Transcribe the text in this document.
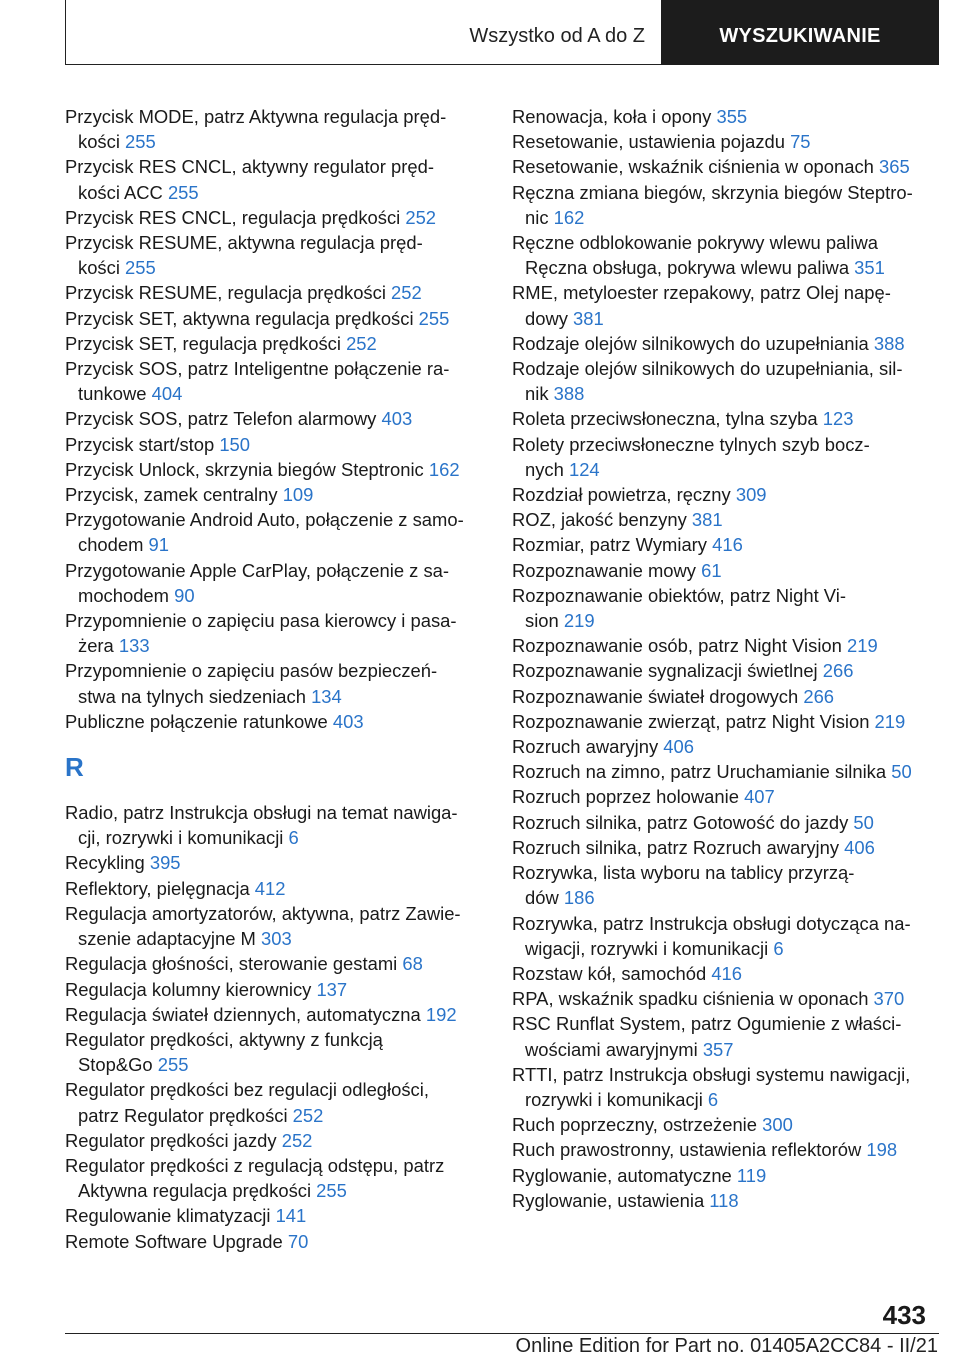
Wszystko od A do Z	WYSZUKIWANIE
Przycisk MODE, patrz Aktywna regulacja pręd-
kości 255
Przycisk RES CNCL, aktywny regulator pręd-
kości ACC 255
Przycisk RES CNCL, regulacja prędkości 252
Przycisk RESUME, aktywna regulacja pręd-
kości 255
Przycisk RESUME, regulacja prędkości 252
Przycisk SET, aktywna regulacja prędkości 255
Przycisk SET, regulacja prędkości 252
Przycisk SOS, patrz Inteligentne połączenie ra-
tunkowe 404
Przycisk SOS, patrz Telefon alarmowy 403
Przycisk start/stop 150
Przycisk Unlock, skrzynia biegów Steptronic 162
Przycisk, zamek centralny 109
Przygotowanie Android Auto, połączenie z samo-
chodem 91
Przygotowanie Apple CarPlay, połączenie z sa-
mochodem 90
Przypomnienie o zapięciu pasa kierowcy i pasa-
żera 133
Przypomnienie o zapięciu pasów bezpieczeń-
stwa na tylnych siedzeniach 134
Publiczne połączenie ratunkowe 403
R
Radio, patrz Instrukcja obsługi na temat nawiga-
cji, rozrywki i komunikacji 6
Recykling 395
Reflektory, pielęgnacja 412
Regulacja amortyzatorów, aktywna, patrz Zawie-
szenie adaptacyjne M 303
Regulacja głośności, sterowanie gestami 68
Regulacja kolumny kierownicy 137
Regulacja świateł dziennych, automatyczna 192
Regulator prędkości, aktywny z funkcją
Stop&Go 255
Regulator prędkości bez regulacji odległości,
patrz Regulator prędkości 252
Regulator prędkości jazdy 252
Regulator prędkości z regulacją odstępu, patrz
Aktywna regulacja prędkości 255
Regulowanie klimatyzacji 141
Remote Software Upgrade 70
Renowacja, koła i opony 355
Resetowanie, ustawienia pojazdu 75
Resetowanie, wskaźnik ciśnienia w oponach 365
Ręczna zmiana biegów, skrzynia biegów Steptro-
nic 162
Ręczne odblokowanie pokrywy wlewu paliwa
Ręczna obsługa, pokrywa wlewu paliwa 351
RME, metyloester rzepakowy, patrz Olej napę-
dowy 381
Rodzaje olejów silnikowych do uzupełniania 388
Rodzaje olejów silnikowych do uzupełniania, sil-
nik 388
Roleta przeciwsłoneczna, tylna szyba 123
Rolety przeciwsłoneczne tylnych szyb bocz-
nych 124
Rozdział powietrza, ręczny 309
ROZ, jakość benzyny 381
Rozmiar, patrz Wymiary 416
Rozpoznawanie mowy 61
Rozpoznawanie obiektów, patrz Night Vi-
sion 219
Rozpoznawanie osób, patrz Night Vision 219
Rozpoznawanie sygnalizacji świetlnej 266
Rozpoznawanie świateł drogowych 266
Rozpoznawanie zwierząt, patrz Night Vision 219
Rozruch awaryjny 406
Rozruch na zimno, patrz Uruchamianie silnika 50
Rozruch poprzez holowanie 407
Rozruch silnika, patrz Gotowość do jazdy 50
Rozruch silnika, patrz Rozruch awaryjny 406
Rozrywka, lista wyboru na tablicy przyrzą-
dów 186
Rozrywka, patrz Instrukcja obsługi dotycząca na-
wigacji, rozrywki i komunikacji 6
Rozstaw kół, samochód 416
RPA, wskaźnik spadku ciśnienia w oponach 370
RSC Runflat System, patrz Ogumienie z właści-
wościami awaryjnymi 357
RTTI, patrz Instrukcja obsługi systemu nawigacji,
rozrywki i komunikacji 6
Ruch poprzeczny, ostrzeżenie 300
Ruch prawostronny, ustawienia reflektorów 198
Ryglowanie, automatyczne 119
Ryglowanie, ustawienia 118
433
Online Edition for Part no. 01405A2CC84 - II/21
